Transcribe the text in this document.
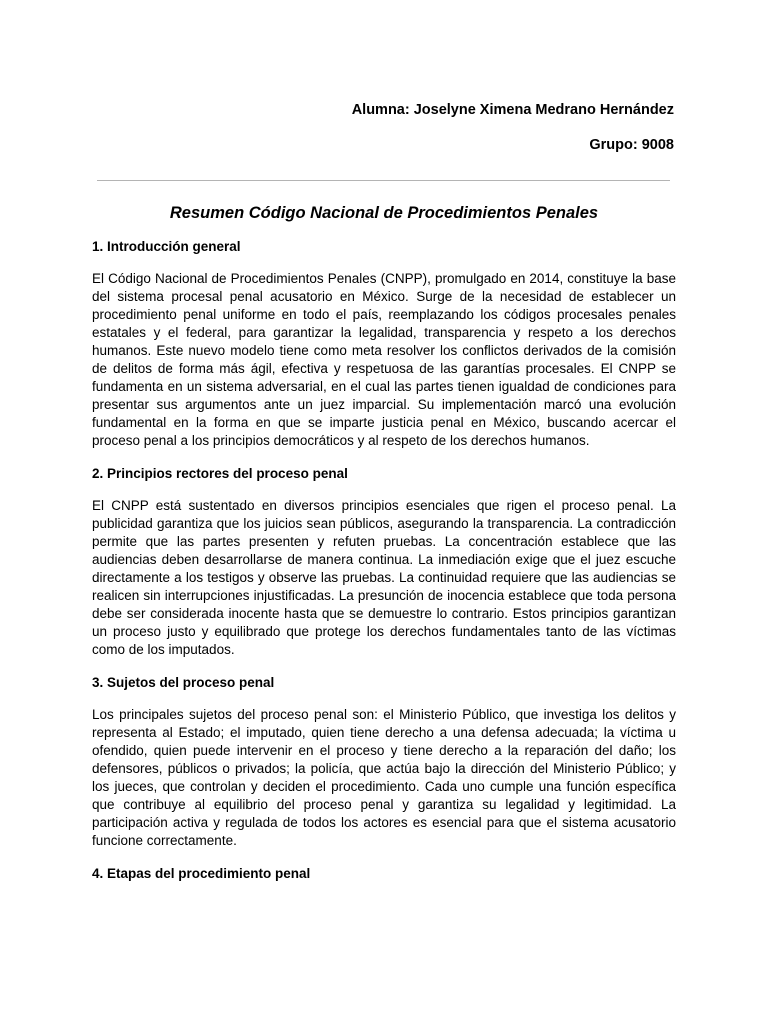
Alumna: Joselyne Ximena Medrano Hernández
Grupo: 9008
Resumen Código Nacional de Procedimientos Penales

1. Introducción general

El Código Nacional de Procedimientos Penales (CNPP), promulgado en 2014, constituye la base del sistema procesal penal acusatorio en México. Surge de la necesidad de establecer un procedimiento penal uniforme en todo el país, reemplazando los códigos procesales penales estatales y el federal, para garantizar la legalidad, transparencia y respeto a los derechos humanos. Este nuevo modelo tiene como meta resolver los conflictos derivados de la comisión de delitos de forma más ágil, efectiva y respetuosa de las garantías procesales. El CNPP se fundamenta en un sistema adversarial, en el cual las partes tienen igualdad de condiciones para presentar sus argumentos ante un juez imparcial. Su implementación marcó una evolución fundamental en la forma en que se imparte justicia penal en México, buscando acercar el proceso penal a los principios democráticos y al respeto de los derechos humanos.

2. Principios rectores del proceso penal

El CNPP está sustentado en diversos principios esenciales que rigen el proceso penal. La publicidad garantiza que los juicios sean públicos, asegurando la transparencia. La contradicción permite que las partes presenten y refuten pruebas. La concentración establece que las audiencias deben desarrollarse de manera continua. La inmediación exige que el juez escuche directamente a los testigos y observe las pruebas. La continuidad requiere que las audiencias se realicen sin interrupciones injustificadas. La presunción de inocencia establece que toda persona debe ser considerada inocente hasta que se demuestre lo contrario. Estos principios garantizan un proceso justo y equilibrado que protege los derechos fundamentales tanto de las víctimas como de los imputados.

3. Sujetos del proceso penal

Los principales sujetos del proceso penal son: el Ministerio Público, que investiga los delitos y representa al Estado; el imputado, quien tiene derecho a una defensa adecuada; la víctima u ofendido, quien puede intervenir en el proceso y tiene derecho a la reparación del daño; los defensores, públicos o privados; la policía, que actúa bajo la dirección del Ministerio Público; y los jueces, que controlan y deciden el procedimiento. Cada uno cumple una función específica que contribuye al equilibrio del proceso penal y garantiza su legalidad y legitimidad. La participación activa y regulada de todos los actores es esencial para que el sistema acusatorio funcione correctamente.

4. Etapas del procedimiento penal
